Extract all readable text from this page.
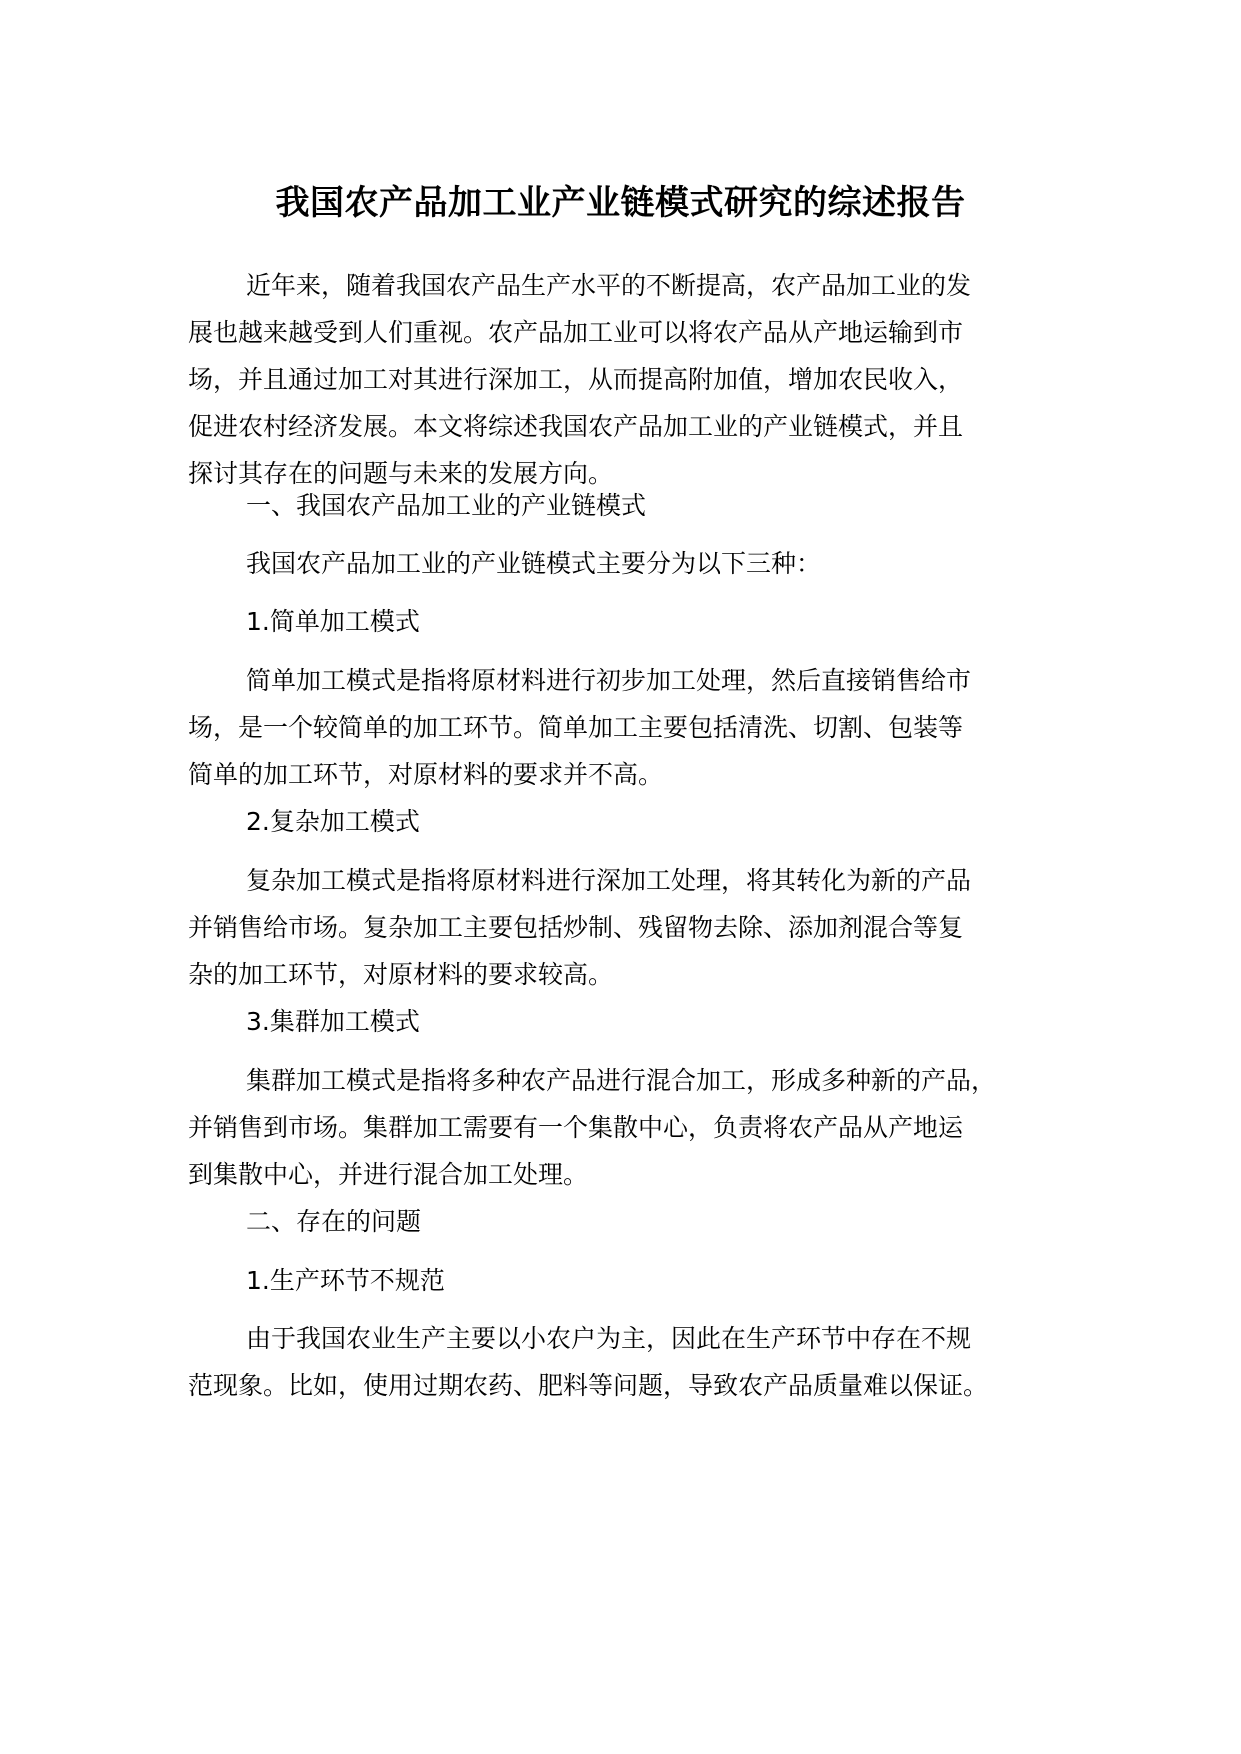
我国农产品加工业产业链模式研究的综述报告
近年来，随着我国农产品生产水平的不断提高，农产品加工业的发
展也越来越受到人们重视。农产品加工业可以将农产品从产地运输到市
场，并且通过加工对其进行深加工，从而提高附加值，增加农民收入，
促进农村经济发展。本文将综述我国农产品加工业的产业链模式，并且
探讨其存在的问题与未来的发展方向。
一、我国农产品加工业的产业链模式
我国农产品加工业的产业链模式主要分为以下三种：
1.简单加工模式
简单加工模式是指将原材料进行初步加工处理，然后直接销售给市
场，是一个较简单的加工环节。简单加工主要包括清洗、切割、包装等
简单的加工环节，对原材料的要求并不高。
2.复杂加工模式
复杂加工模式是指将原材料进行深加工处理，将其转化为新的产品
并销售给市场。复杂加工主要包括炒制、残留物去除、添加剂混合等复
杂的加工环节，对原材料的要求较高。
3.集群加工模式
集群加工模式是指将多种农产品进行混合加工，形成多种新的产品，
并销售到市场。集群加工需要有一个集散中心，负责将农产品从产地运
到集散中心，并进行混合加工处理。
二、存在的问题
1.生产环节不规范
由于我国农业生产主要以小农户为主，因此在生产环节中存在不规
范现象。比如，使用过期农药、肥料等问题，导致农产品质量难以保证。
